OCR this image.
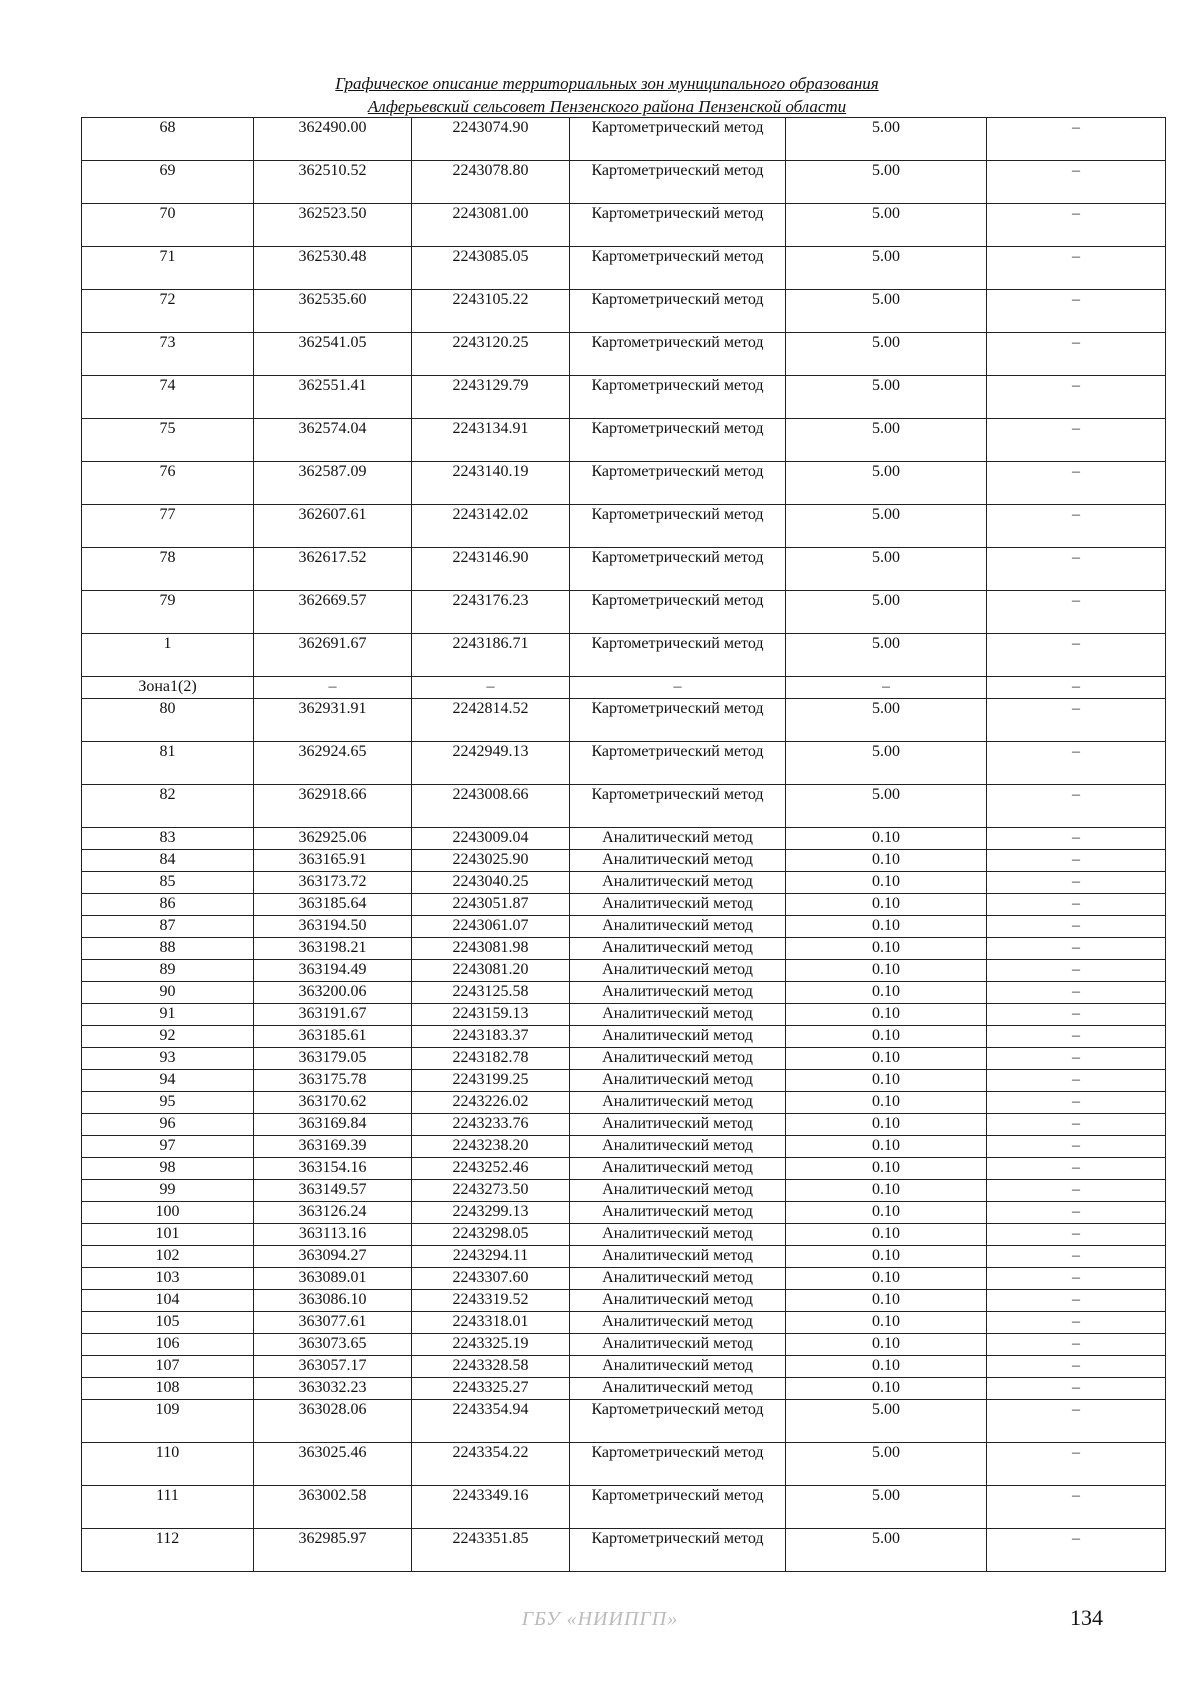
Графическое описание территориальных зон муниципального образования
Алферьевский сельсовет Пензенского района Пензенской области
68	362490.00	2243074.90	Картометрический метод	5.00	–
69	362510.52	2243078.80	Картометрический метод	5.00	–
70	362523.50	2243081.00	Картометрический метод	5.00	–
71	362530.48	2243085.05	Картометрический метод	5.00	–
72	362535.60	2243105.22	Картометрический метод	5.00	–
73	362541.05	2243120.25	Картометрический метод	5.00	–
74	362551.41	2243129.79	Картометрический метод	5.00	–
75	362574.04	2243134.91	Картометрический метод	5.00	–
76	362587.09	2243140.19	Картометрический метод	5.00	–
77	362607.61	2243142.02	Картометрический метод	5.00	–
78	362617.52	2243146.90	Картометрический метод	5.00	–
79	362669.57	2243176.23	Картометрический метод	5.00	–
1	362691.67	2243186.71	Картометрический метод	5.00	–
Зона1(2)	–	–	–	–	–
80	362931.91	2242814.52	Картометрический метод	5.00	–
81	362924.65	2242949.13	Картометрический метод	5.00	–
82	362918.66	2243008.66	Картометрический метод	5.00	–
83	362925.06	2243009.04	Аналитический метод	0.10	–
84	363165.91	2243025.90	Аналитический метод	0.10	–
85	363173.72	2243040.25	Аналитический метод	0.10	–
86	363185.64	2243051.87	Аналитический метод	0.10	–
87	363194.50	2243061.07	Аналитический метод	0.10	–
88	363198.21	2243081.98	Аналитический метод	0.10	–
89	363194.49	2243081.20	Аналитический метод	0.10	–
90	363200.06	2243125.58	Аналитический метод	0.10	–
91	363191.67	2243159.13	Аналитический метод	0.10	–
92	363185.61	2243183.37	Аналитический метод	0.10	–
93	363179.05	2243182.78	Аналитический метод	0.10	–
94	363175.78	2243199.25	Аналитический метод	0.10	–
95	363170.62	2243226.02	Аналитический метод	0.10	–
96	363169.84	2243233.76	Аналитический метод	0.10	–
97	363169.39	2243238.20	Аналитический метод	0.10	–
98	363154.16	2243252.46	Аналитический метод	0.10	–
99	363149.57	2243273.50	Аналитический метод	0.10	–
100	363126.24	2243299.13	Аналитический метод	0.10	–
101	363113.16	2243298.05	Аналитический метод	0.10	–
102	363094.27	2243294.11	Аналитический метод	0.10	–
103	363089.01	2243307.60	Аналитический метод	0.10	–
104	363086.10	2243319.52	Аналитический метод	0.10	–
105	363077.61	2243318.01	Аналитический метод	0.10	–
106	363073.65	2243325.19	Аналитический метод	0.10	–
107	363057.17	2243328.58	Аналитический метод	0.10	–
108	363032.23	2243325.27	Аналитический метод	0.10	–
109	363028.06	2243354.94	Картометрический метод	5.00	–
110	363025.46	2243354.22	Картометрический метод	5.00	–
111	363002.58	2243349.16	Картометрический метод	5.00	–
112	362985.97	2243351.85	Картометрический метод	5.00	–
ГБУ «НИИПГП»	134
